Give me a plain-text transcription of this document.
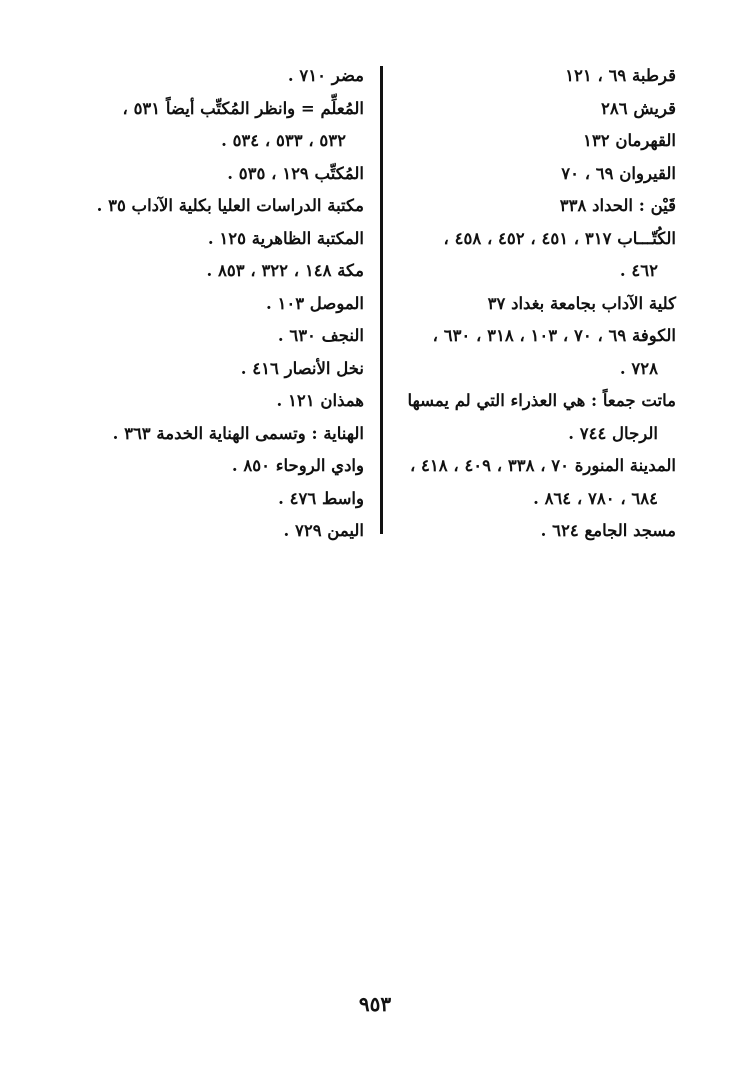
قرطبة ٦٩ ، ١٢١
قريش ٢٨٦
القهرمان ١٣٢
القيروان ٦٩ ، ٧٠
قَيْن : الحداد ٣٣٨
الكُتّـــاب ٣١٧ ، ٤٥١ ، ٤٥٢ ، ٤٥٨ ،
٤٦٢ .
كلية الآداب بجامعة بغداد ٣٧
الكوفة ٦٩ ، ٧٠ ، ١٠٣ ، ٣١٨ ، ٦٣٠ ،
٧٢٨ .
ماتت جمعاً : هي العذراء التي لم يمسها
الرجال ٧٤٤ .
المدينة المنورة ٧٠ ، ٣٣٨ ، ٤٠٩ ، ٤١٨ ،
٦٨٤ ، ٧٨٠ ، ٨٦٤ .
مسجد الجامع ٦٢٤ .
مضر ٧١٠ .
المُعلِّم = وانظر المُكتِّب أيضاً ٥٣١ ،
٥٣٢ ، ٥٣٣ ، ٥٣٤ .
المُكتِّب ١٢٩ ، ٥٣٥ .
مكتبة الدراسات العليا بكلية الآداب ٣٥ .
المكتبة الظاهرية ١٢٥ .
مكة ١٤٨ ، ٣٢٢ ، ٨٥٣ .
الموصل ١٠٣ .
النجف ٦٣٠ .
نخل الأنصار ٤١٦ .
همذان ١٢١ .
الهناية : وتسمى الهناية الخدمة ٣٦٣ .
وادي الروحاء ٨٥٠ .
واسط ٤٧٦ .
اليمن ٧٢٩ .
٩٥٣
